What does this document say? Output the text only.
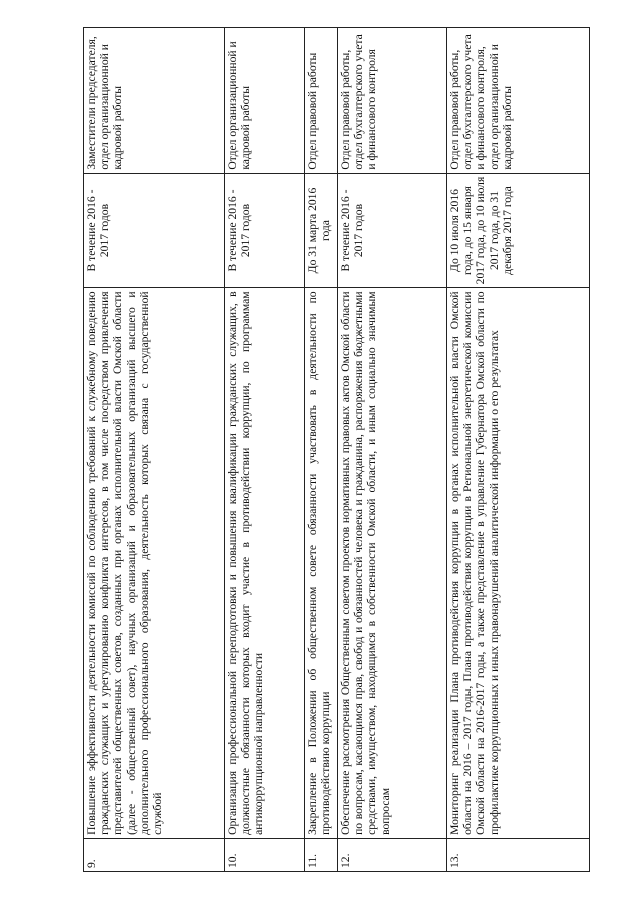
9.	Повышение эффективности деятельности комиссий по соблюдению требований к служебному поведению гражданских служащих и урегулированию конфликта интересов, в том числе посредством привлечения представителей общественных советов, созданных при органах исполнительной власти Омской области (далее - общественный совет), научных организаций и образовательных организаций высшего и дополнительного профессионального образования, деятельность которых связана с государственной службой	В течение 2016 - 2017 годов	Заместители председателя, отдел организационной и кадровой работы
10.	Организация профессиональной переподготовки и повышения квалификации гражданских служащих, в должностные обязанности которых входит участие в противодействии коррупции, по программам антикоррупционной направленности	В течение 2016 - 2017 годов	Отдел организационной и кадровой работы
11.	Закрепление в Положении об общественном совете обязанности участвовать в деятельности по противодействию коррупции	До 31 марта 2016 года	Отдел правовой работы
12.	Обеспечение рассмотрения Общественным советом проектов нормативных правовых актов Омской области по вопросам, касающимся прав, свобод и обязанностей человека и гражданина, распоряжения бюджетными средствами, имуществом, находящимся в собственности Омской области, и иным социально значимым вопросам	В течение 2016 - 2017 годов	Отдел правовой работы, отдел бухгалтерского учета и финансового контроля
13.	Мониторинг реализации Плана противодействия коррупции в органах исполнительной власти Омской области на 2016 – 2017 годы, Плана противодействия коррупции в Региональной энергетической комиссии Омской области на 2016-2017 годы, а также представление в управление Губернатора Омской области по профилактике коррупционных и иных правонарушений аналитической информации о его результатах	До 10 июля 2016 года, до 15 января 2017 года, до 10 июля 2017 года, до 31 декабря 2017 года	Отдел правовой работы, отдел бухгалтерского учета и финансового контроля, отдел организационной и кадровой работы
